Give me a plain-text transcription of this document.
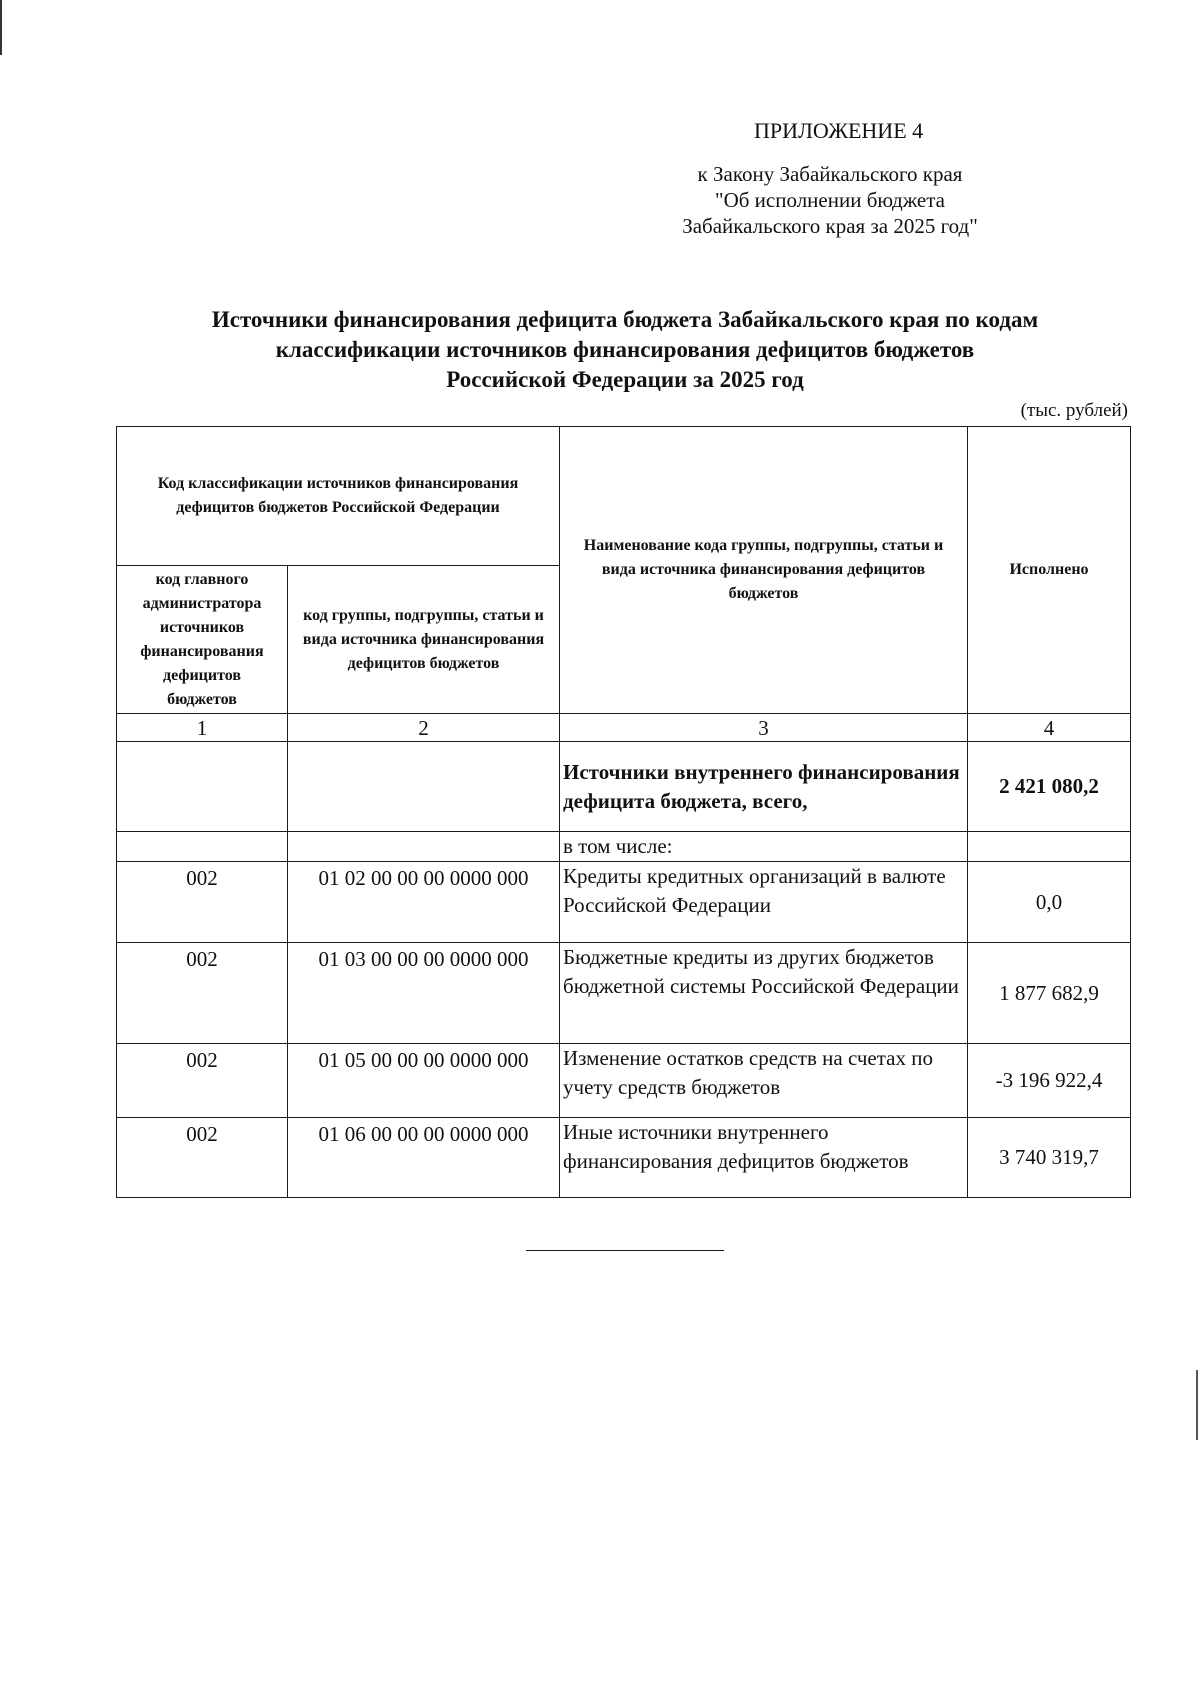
ПРИЛОЖЕНИЕ 4
к Закону Забайкальского края
"Об исполнении бюджета
Забайкальского края за 2025 год"
Источники финансирования дефицита бюджета Забайкальского края по кодам
классификации источников финансирования дефицитов бюджетов
Российской Федерации за 2025 год
(тыс. рублей)
Код классификации источников финансирования дефицитов бюджетов Российской Федерации		Наименование кода группы, подгруппы, статьи и вида источника финансирования дефицитов бюджетов	Исполнено
код главного администратора источников финансирования дефицитов бюджетов	код группы, подгруппы, статьи и вида источника финансирования дефицитов бюджетов		
1	2	3	4
		Источники внутреннего финансирования дефицита бюджета, всего,	2 421 080,2
		в том числе:	
002	01 02 00 00 00 0000 000	Кредиты кредитных организаций в валюте Российской Федерации	0,0
002	01 03 00 00 00 0000 000	Бюджетные кредиты из других бюджетов бюджетной системы Российской Федерации	1 877 682,9
002	01 05 00 00 00 0000 000	Изменение остатков средств на счетах по учету средств бюджетов	-3 196 922,4
002	01 06 00 00 00 0000 000	Иные источники внутреннего финансирования дефицитов бюджетов	3 740 319,7
